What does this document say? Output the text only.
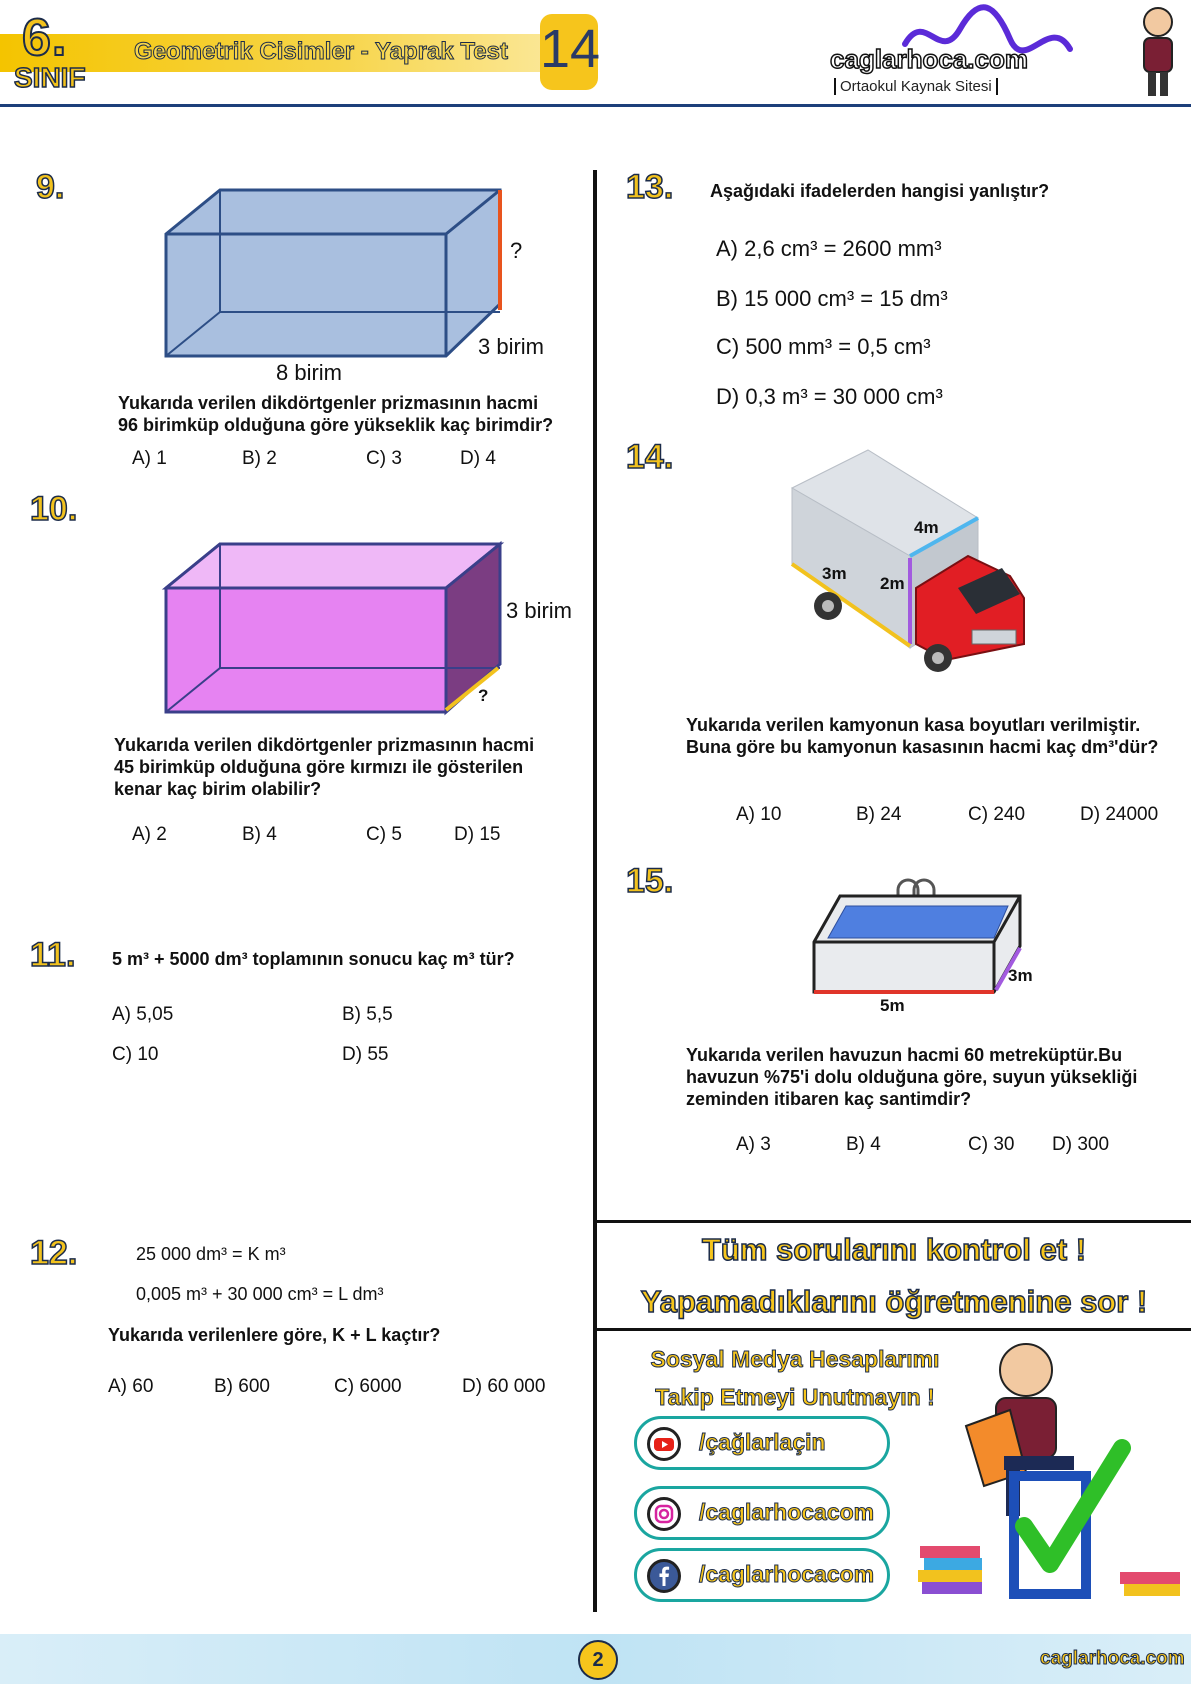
6.
SINIF
Geometrik Cisimler - Yaprak Test 14	caglarhoca.com
Ortaokul Kaynak Sitesi
9.
?
3 birim
8 birim
Yukarıda verilen dikdörtgenler prizmasının hacmi
96 birimküp olduğuna göre yükseklik kaç birimdir?
A) 1	B) 2	C) 3	D) 4
10.
3 birim
?
Yukarıda verilen dikdörtgenler prizmasının hacmi
45 birimküp olduğuna göre kırmızı ile gösterilen
kenar kaç birim olabilir?
A) 2	B) 4	C) 5	D) 15
11. 5 m³ + 5000 dm³ toplamının sonucu kaç m³ tür?
A) 5,05	B) 5,5
C) 10	D) 55
12.	25 000 dm³ = K m³
0,005 m³ + 30 000 cm³ = L dm³
Yukarıda verilenlere göre, K + L kaçtır?
A) 60	B) 600	C) 6000	D) 60 000
13. Aşağıdaki ifadelerden hangisi yanlıştır?
A) 2,6 cm³ = 2600 mm³
B) 15 000 cm³ = 15 dm³
C) 500 mm³ = 0,5 cm³
D) 0,3 m³ = 30 000 cm³
14.
4m
3m
2m
Yukarıda verilen kamyonun kasa boyutları verilmiştir.
Buna göre bu kamyonun kasasının hacmi kaç dm³'dür?
A) 10	B) 24	C) 240	D) 24000
15.
3m
5m
Yukarıda verilen havuzun hacmi 60 metreküptür.Bu
havuzun %75'i dolu olduğuna göre, suyun yüksekliği
zeminden itibaren kaç santimdir?
A) 3	B) 4	C) 30 D) 300
Tüm sorularını kontrol et !
Yapamadıklarını öğretmenine sor !
Sosyal Medya Hesaplarımı
Takip Etmeyi Unutmayın !
/çağlarlaçin
/caglarhocacom
/caglarhocacom
2	caglarhoca.com
